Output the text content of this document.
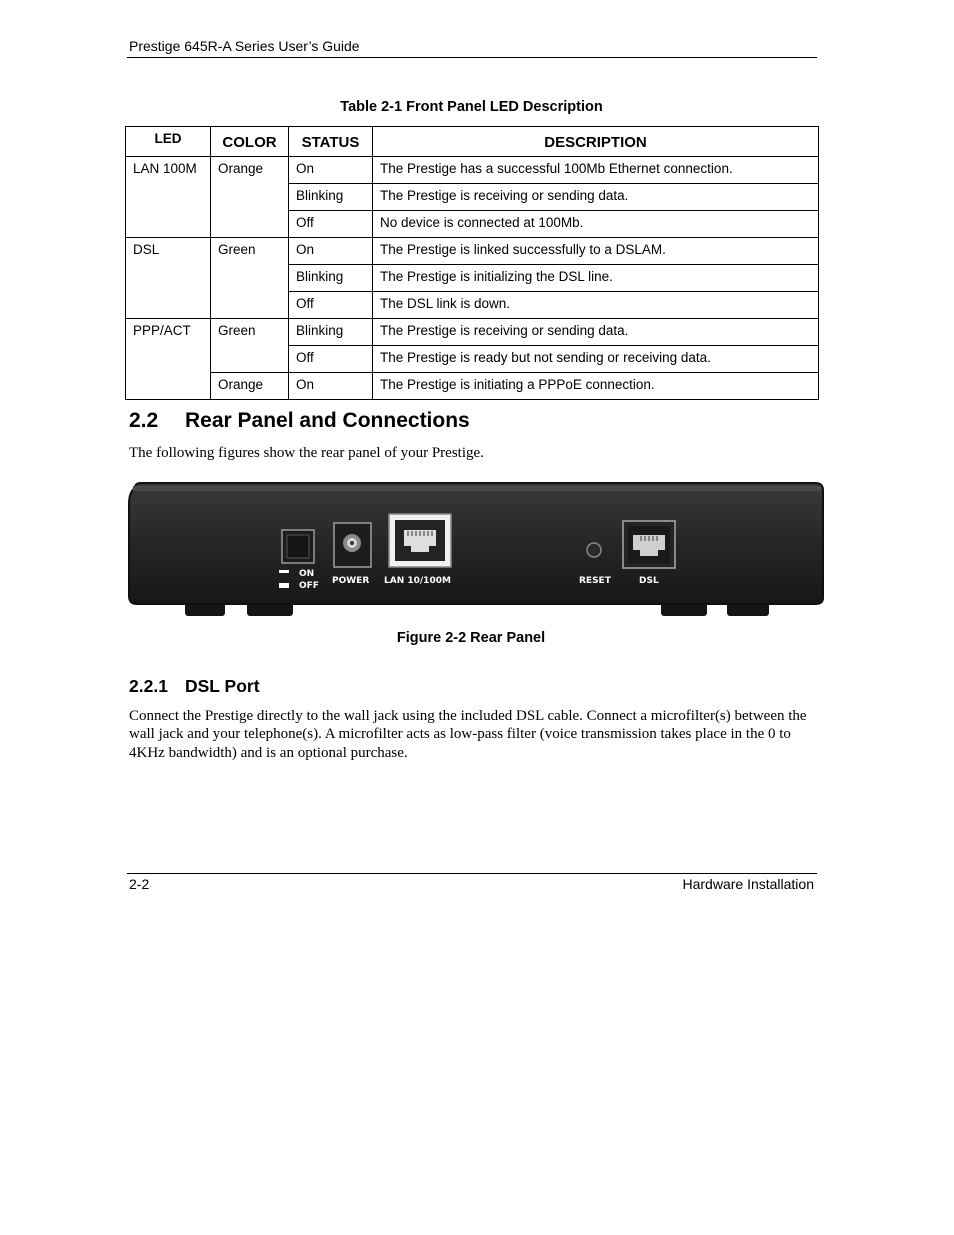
Prestige 645R-A Series User’s Guide
Table 2-1 Front Panel LED Description
LED	COLOR	STATUS	DESCRIPTION
LAN 100M	Orange	On	The Prestige has a successful 100Mb Ethernet connection.
		Blinking	The Prestige is receiving or sending data.
		Off	No device is connected at 100Mb.
DSL	Green	On	The Prestige is linked successfully to a DSLAM.
		Blinking	The Prestige is initializing the DSL line.
		Off	The DSL link is down.
PPP/ACT	Green	Blinking	The Prestige is receiving or sending data.
		Off	The Prestige is ready but not sending or receiving data.
	Orange	On	The Prestige is initiating a PPPoE connection.
2.2 Rear Panel and Connections
The following figures show the rear panel of your Prestige.
ON
OFF POWER LAN 10/100M	RESET	DSL
Figure 2-2 Rear Panel
2.2.1 DSL Port
Connect the Prestige directly to the wall jack using the included DSL cable. Connect a microfilter(s) between the wall jack and your telephone(s). A microfilter acts as low-pass filter (voice transmission takes place in the 0 to 4KHz bandwidth) and is an optional purchase.
2-2	Hardware Installation
